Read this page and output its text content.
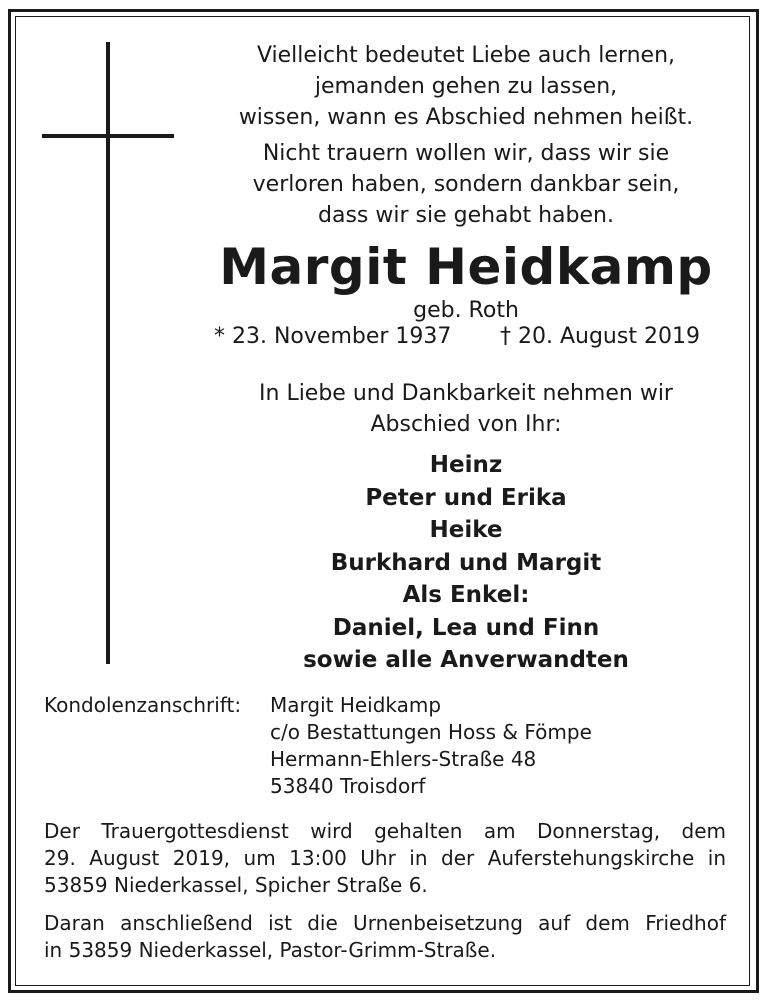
Vielleicht bedeutet Liebe auch lernen,
jemanden gehen zu lassen,
wissen, wann es Abschied nehmen heißt.
Nicht trauern wollen wir, dass wir sie
verloren haben, sondern dankbar sein,
dass wir sie gehabt haben.
Margit Heidkamp
geb. Roth
* 23. November 1937 † 20. August 2019
In Liebe und Dankbarkeit nehmen wir
Abschied von Ihr:
Heinz
Peter und Erika
Heike
Burkhard und Margit
Als Enkel:
Daniel, Lea und Finn
sowie alle Anverwandten
Kondolenzanschrift: Margit Heidkamp
c/o Bestattungen Hoss & Fömpe
Hermann-Ehlers-Straße 48
53840 Troisdorf
Der Trauergottesdienst wird gehalten am Donnerstag, dem
29. August 2019, um 13:00 Uhr in der Auferstehungskirche in
53859 Niederkassel, Spicher Straße 6.
Daran anschließend ist die Urnenbeisetzung auf dem Friedhof
in 53859 Niederkassel, Pastor-Grimm-Straße.
